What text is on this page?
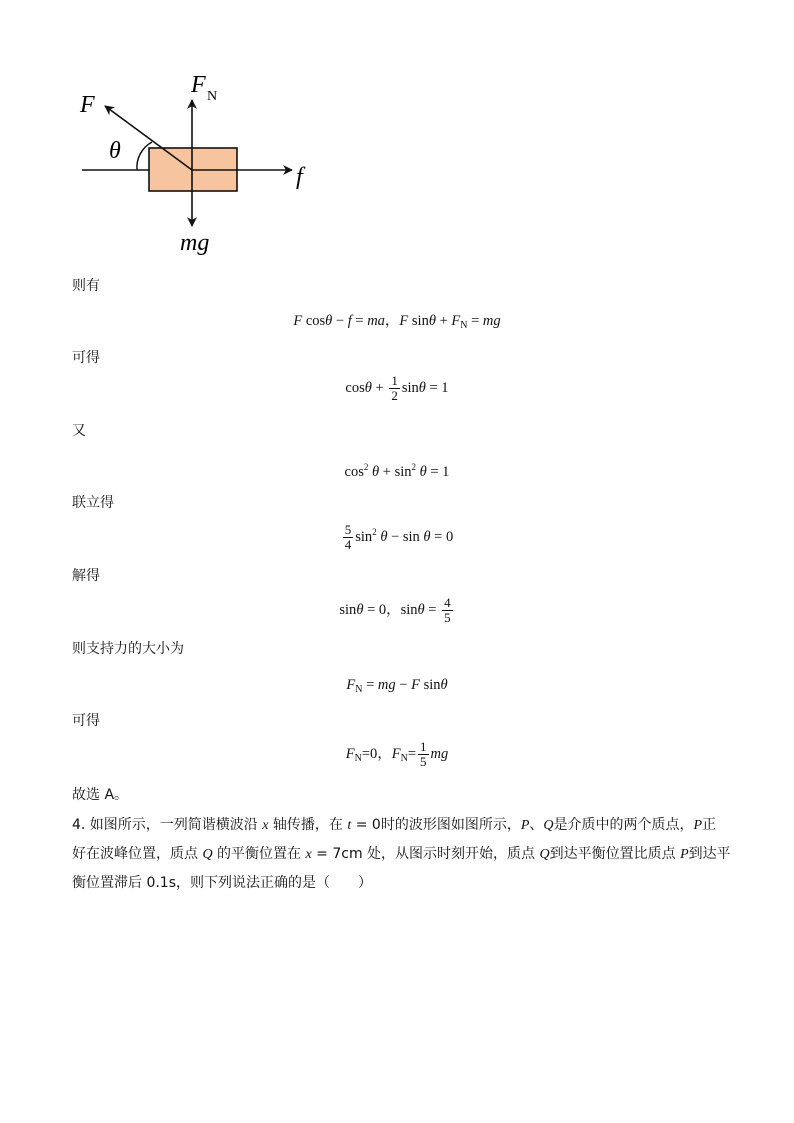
F
θ
F N
f
mg
则有
F cosθ − f = ma，F $\sin\theta + F_N$ = mg
可得
$\cos\theta + \frac{1}{2}$ sinθ = 1
又
$\cos^2 \theta + \sin^2 \theta = 1$
联立得
$\frac{5}{4} \sin^2 \theta - \sin \theta = 0$
解得
sinθ = 0，$\sin\theta = \frac{4}{5}$
则支持力的大小为
$F_N$ = mg − F sinθ
可得
$F_N=0$，$F_N= \frac{1}{5}$ mg
故选 A。
4. 如图所示，一列简谐横波沿 x 轴传播，在 t = 0时的波形图如图所示，P、Q是介质中的两个质点，P正
好在波峰位置，质点 Q 的平衡位置在 x = 7cm 处，从图示时刻开始，质点 Q到达平衡位置比质点 P到达平
衡位置滞后 0.1s，则下列说法正确的是（　　）
